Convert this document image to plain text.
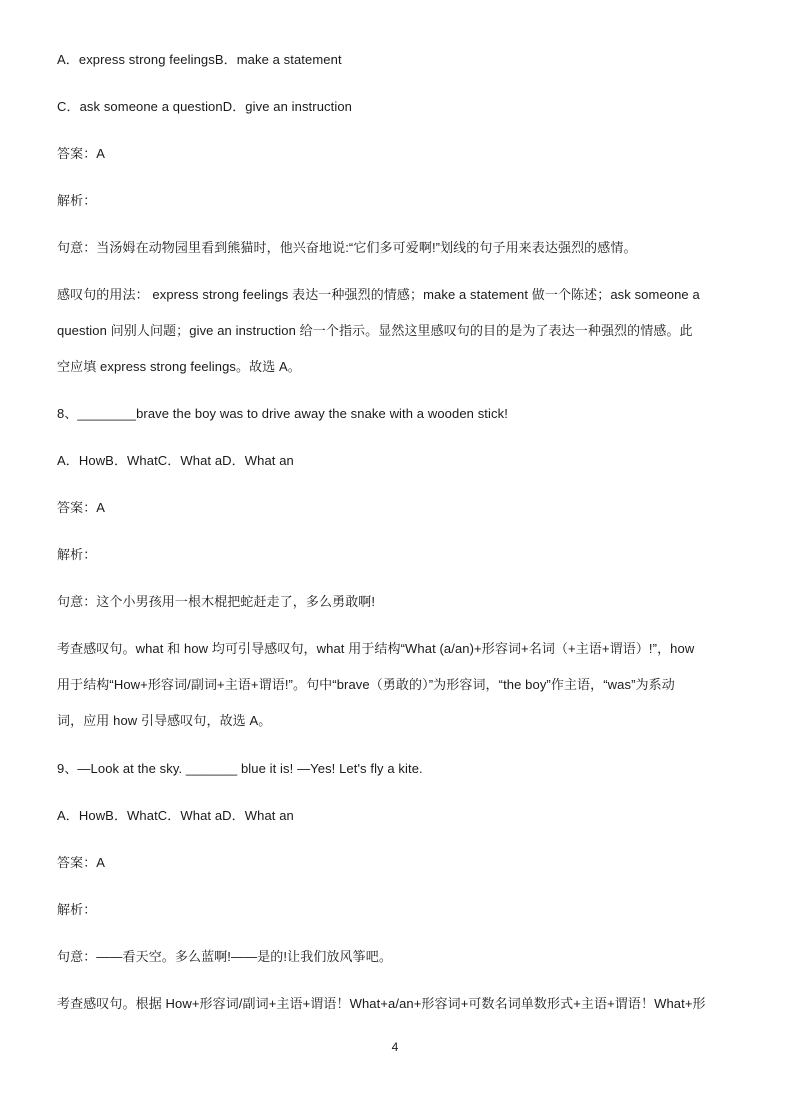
A．express strong feelingsB．make a statement
C．ask someone a questionD．give an instruction
答案：A
解析：
句意：当汤姆在动物园里看到熊猫时，他兴奋地说:“它们多可爱啊!”划线的句子用来表达强烈的感情。
感叹句的用法： express strong feelings 表达一种强烈的情感；make a statement 做一个陈述；ask someone a
question 问别人问题；give an instruction 给一个指示。显然这里感叹句的目的是为了表达一种强烈的情感。此
空应填 express strong feelings。故选 A。
8、________brave the boy was to drive away the snake with a wooden stick!
A．HowB．WhatC．What aD．What an
答案：A
解析：
句意：这个小男孩用一根木棍把蛇赶走了，多么勇敢啊!
考查感叹句。what 和 how 均可引导感叹句，what 用于结构“What (a/an)+形容词+名词（+主语+谓语）!”，how
用于结构“How+形容词/副词+主语+谓语!”。句中“brave（勇敢的）”为形容词，“the boy”作主语，“was”为系动
词，应用 how 引导感叹句，故选 A。
9、—Look at the sky. _______ blue it is! —Yes! Let's fly a kite.
A．HowB．WhatC．What aD．What an
答案：A
解析：
句意：——看天空。多么蓝啊!——是的!让我们放风筝吧。
考查感叹句。根据 How+形容词/副词+主语+谓语！What+a/an+形容词+可数名词单数形式+主语+谓语！What+形
4
